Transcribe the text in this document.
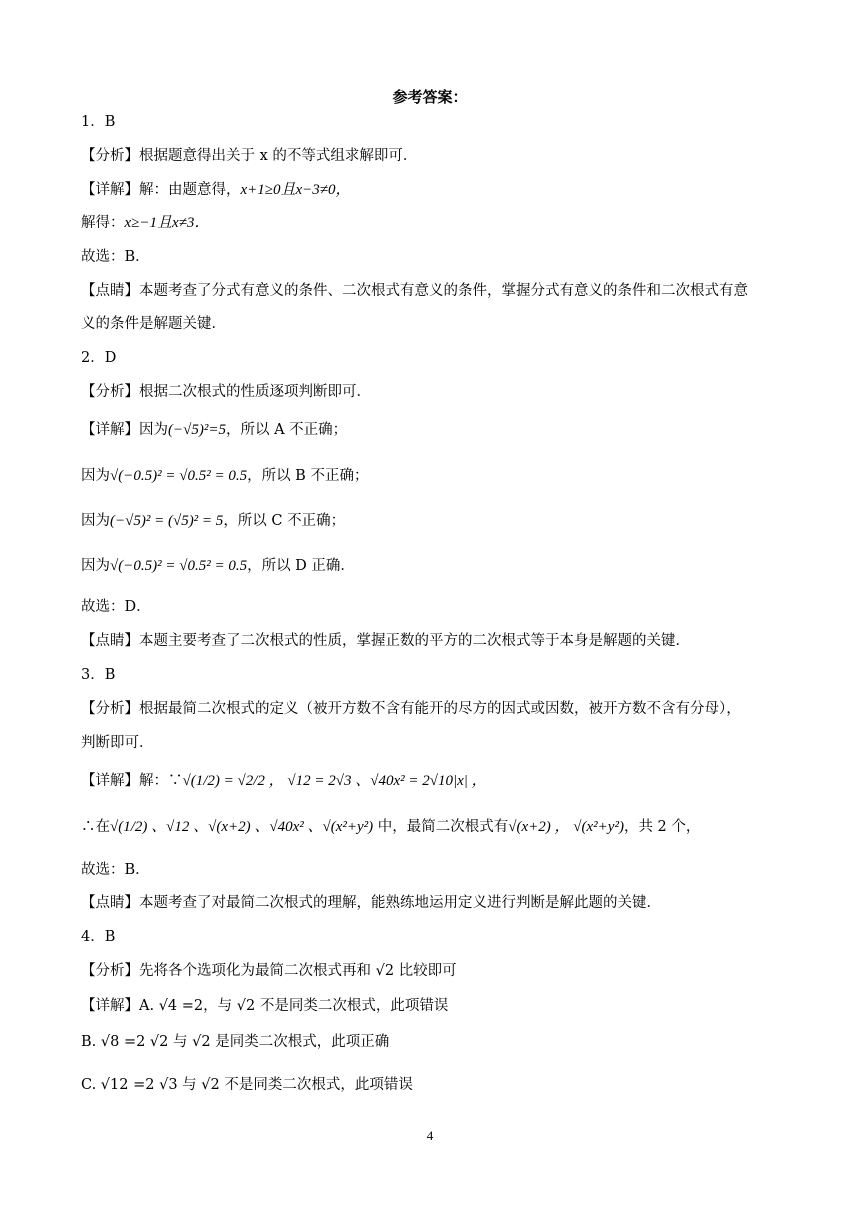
参考答案：
1．B
【分析】根据题意得出关于 x 的不等式组求解即可．
【详解】解：由题意得，x+1≥0且x−3≠0，
解得：x≥−1且x≠3．
故选：B．
【点睛】本题考查了分式有意义的条件、二次根式有意义的条件，掌握分式有意义的条件和二次根式有意
义的条件是解题关键．
2．D
【分析】根据二次根式的性质逐项判断即可．
【详解】因为(−√5)²=5，所以 A 不正确；
因为√(−0.5)² = √0.5² = 0.5，所以 B 不正确；
因为(−√5)² = (√5)² = 5，所以 C 不正确；
因为√(−0.5)² = √0.5² = 0.5，所以 D 正确．
故选：D．
【点睛】本题主要考查了二次根式的性质，掌握正数的平方的二次根式等于本身是解题的关键．
3．B
【分析】根据最简二次根式的定义（被开方数不含有能开的尽方的因式或因数，被开方数不含有分母），
判断即可．
【详解】解：∵√(1/2) = √2/2 ， √12 = 2√3 、√40x² = 2√10|x| ，
∴在√(1/2) 、√12 、√(x+2) 、√40x² 、√(x²+y²) 中，最简二次根式有√(x+2) ， √(x²+y²)，共 2 个，
故选：B．
【点睛】本题考查了对最简二次根式的理解，能熟练地运用定义进行判断是解此题的关键．
4．B
【分析】先将各个选项化为最简二次根式再和 √2 比较即可
【详解】A. √4 =2，与 √2 不是同类二次根式，此项错误
B. √8 =2 √2 与 √2 是同类二次根式，此项正确
C. √12 =2 √3 与 √2 不是同类二次根式，此项错误
4
